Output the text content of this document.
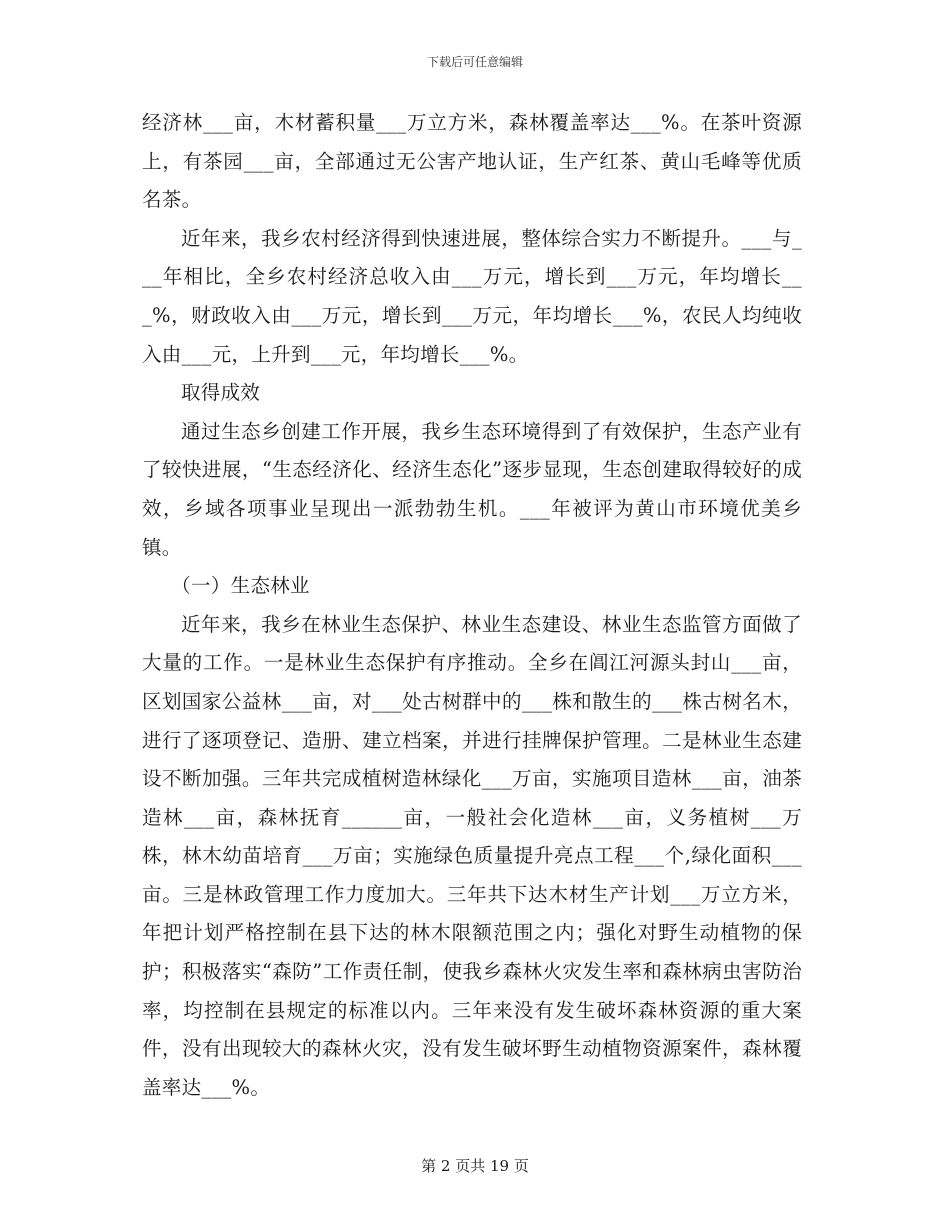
下载后可任意编辑

经济林___亩，木材蓄积量___万立方米，森林覆盖率达___%。在茶叶资源上，有茶园___亩，全部通过无公害产地认证，生产红茶、黄山毛峰等优质名茶。

近年来，我乡农村经济得到快速进展，整体综合实力不断提升。___与___年相比，全乡农村经济总收入由___万元，增长到___万元，年均增长___%，财政收入由___万元，增长到___万元，年均增长___%，农民人均纯收入由___元，上升到___元，年均增长___%。

取得成效

通过生态乡创建工作开展，我乡生态环境得到了有效保护，生态产业有了较快进展，“生态经济化、经济生态化”逐步显现，生态创建取得较好的成效，乡域各项事业呈现出一派勃勃生机。___年被评为黄山市环境优美乡镇。

（一）生态林业

近年来，我乡在林业生态保护、林业生态建设、林业生态监管方面做了大量的工作。一是林业生态保护有序推动。全乡在阊江河源头封山___亩，区划国家公益林___亩，对___处古树群中的___株和散生的___株古树名木，进行了逐项登记、造册、建立档案，并进行挂牌保护管理。二是林业生态建设不断加强。三年共完成植树造林绿化___万亩，实施项目造林___亩，油茶造林___亩，森林抚育______亩，一般社会化造林___亩，义务植树___万株，林木幼苗培育___万亩；实施绿色质量提升亮点工程___个,绿化面积___亩。三是林政管理工作力度加大。三年共下达木材生产计划___万立方米，年把计划严格控制在县下达的林木限额范围之内；强化对野生动植物的保护；积极落实“森防”工作责任制，使我乡森林火灾发生率和森林病虫害防治率，均控制在县规定的标准以内。三年来没有发生破坏森林资源的重大案件，没有出现较大的森林火灾，没有发生破坏野生动植物资源案件，森林覆盖率达___%。

第 2 页共 19 页
